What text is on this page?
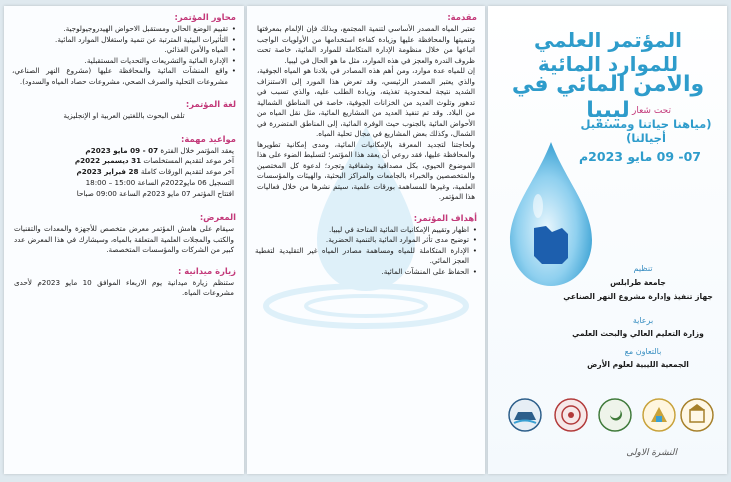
محاور المؤتمر:
• تقييم الوضع الحالي ومستقبل الاحواض الهيدروجيولوجية.
• التأثيرات البيئية المترتبة عن تنمية واستغلال الموارد المائية.
• المياه والأمن الغذائي.
• الإدارة المائية والتشريعات والتحديات المستقبلية.
• واقع المنشآت المائية والمحافظة عليها (مشروع النهر الصناعي، مشروعات التحلية والصرف الصحي، مشروعات حصاد المياه والسدود).
لغة المؤتمر:
تلقى البحوث باللغتين العربية او الإنجليزية
مواعيد مهمة:
يعقد المؤتمر خلال الفترة 07 - 09 مايو 2023م
آخر موعد لتقديم المستخلصات 31 ديسمبر 2022م
آخر موعد لتقديم الورقات كاملة 28 فبراير 2023م
التسجيل 06 مايو2022م الساعة 15:00 – 18:00
افتتاح المؤتمر 07 مايو 2023م الساعة 09:00 صباحا
المعرض:
سيقام على هامش المؤتمر معرض متخصص للأجهزة والمعدات والتقنيات والكتب والمجلات العلمية المتعلقة بالمياه، وسيشارك في هذا المعرض عدد كبير من الشركات والمؤسسات المتخصصة.
زيارة ميدانية :
ستنظم زيارة ميدانية يوم الاربعاء الموافق 10 مايو 2023م لأحدى مشروعات المياه.
مقدمة:
تعتبر المياه المصدر الأساسي لتنمية المجتمع، وبذلك فإن الإلمام بمعرفتها وتنميتها والمحافظة عليها وزيادة كفاءة استخدامها من الأولويات الواجب اتباعها من خلال منظومة الإدارة المتكاملة للموارد المائية، خاصة تحت ظروف الندرة والعجز في هذه الموارد، مثل ما هو الحال في ليبيا.
إن للمياه عدة موارد، ومن أهم هذه المصادر في بلادنا هو المياه الجوفية، والذي يعتبر المصدر الرئيسي، وقد تعرض هذا المورد إلى الاستنزاف الشديد نتيجة لمحدودية تغذيته، وزيادة الطلب عليه، والذي تسبب في تدهور وتلوث العديد من الخزانات الجوفية، خاصة في المناطق الشمالية من البلاد. وقد تم تنفيذ العديد من المشاريع المائية، مثل نقل المياه من الأحواض المائية بالجنوب حيث الوفرة المائية، إلى المناطق المتضررة في الشمال، وكذلك بعض المشاريع في مجال تحلية المياه.
ولحاجتنا لتجديد المعرفة بالإمكانيات المائية، ومدى إمكانية تطويرها والمحافظة عليها، فقد روعي أن يعقد هذا المؤتمر؛ لتسليط الضوء على هذا الموضوع الحيوي، بكل مصداقية وشفافية وتجرد؛ لدعوة كل المختصين والمتخصصين والخبراء بالجامعات والمراكز البحثية، والهيئات والمؤسسات العلمية، وغيرها للمساهمة بورقات علمية، سيتم نشرها من خلال فعاليات هذا المؤتمر.
أهداف المؤتمر:
• اظهار وتقييم الإمكانيات المائية المتاحة في ليبيا.
• توضيح مدى تأثر الموارد المائية بالتنمية الحضرية.
• الإدارة المتكاملة للمياه ومساهمة مصادر المياه غير التقليدية لتغطية العجز المائي.
• الحفاظ على المنشآت المائية.
المؤتمر العلمي للموارد المائية
والامن المائي في ليبيا تحت شعار
(مياهنا حياتنا ومستقبل أجيالنا)
07- 09 مايو 2023م
تنظيم
جامعة طرابلس
جهاز تنفيذ وإدارة مشروع النهر الصناعي
برعاية
وزارة التعليم العالي والبحث العلمي
بالتعاون مع
الجمعية الليبية لعلوم الأرض
النشرة الاولى
